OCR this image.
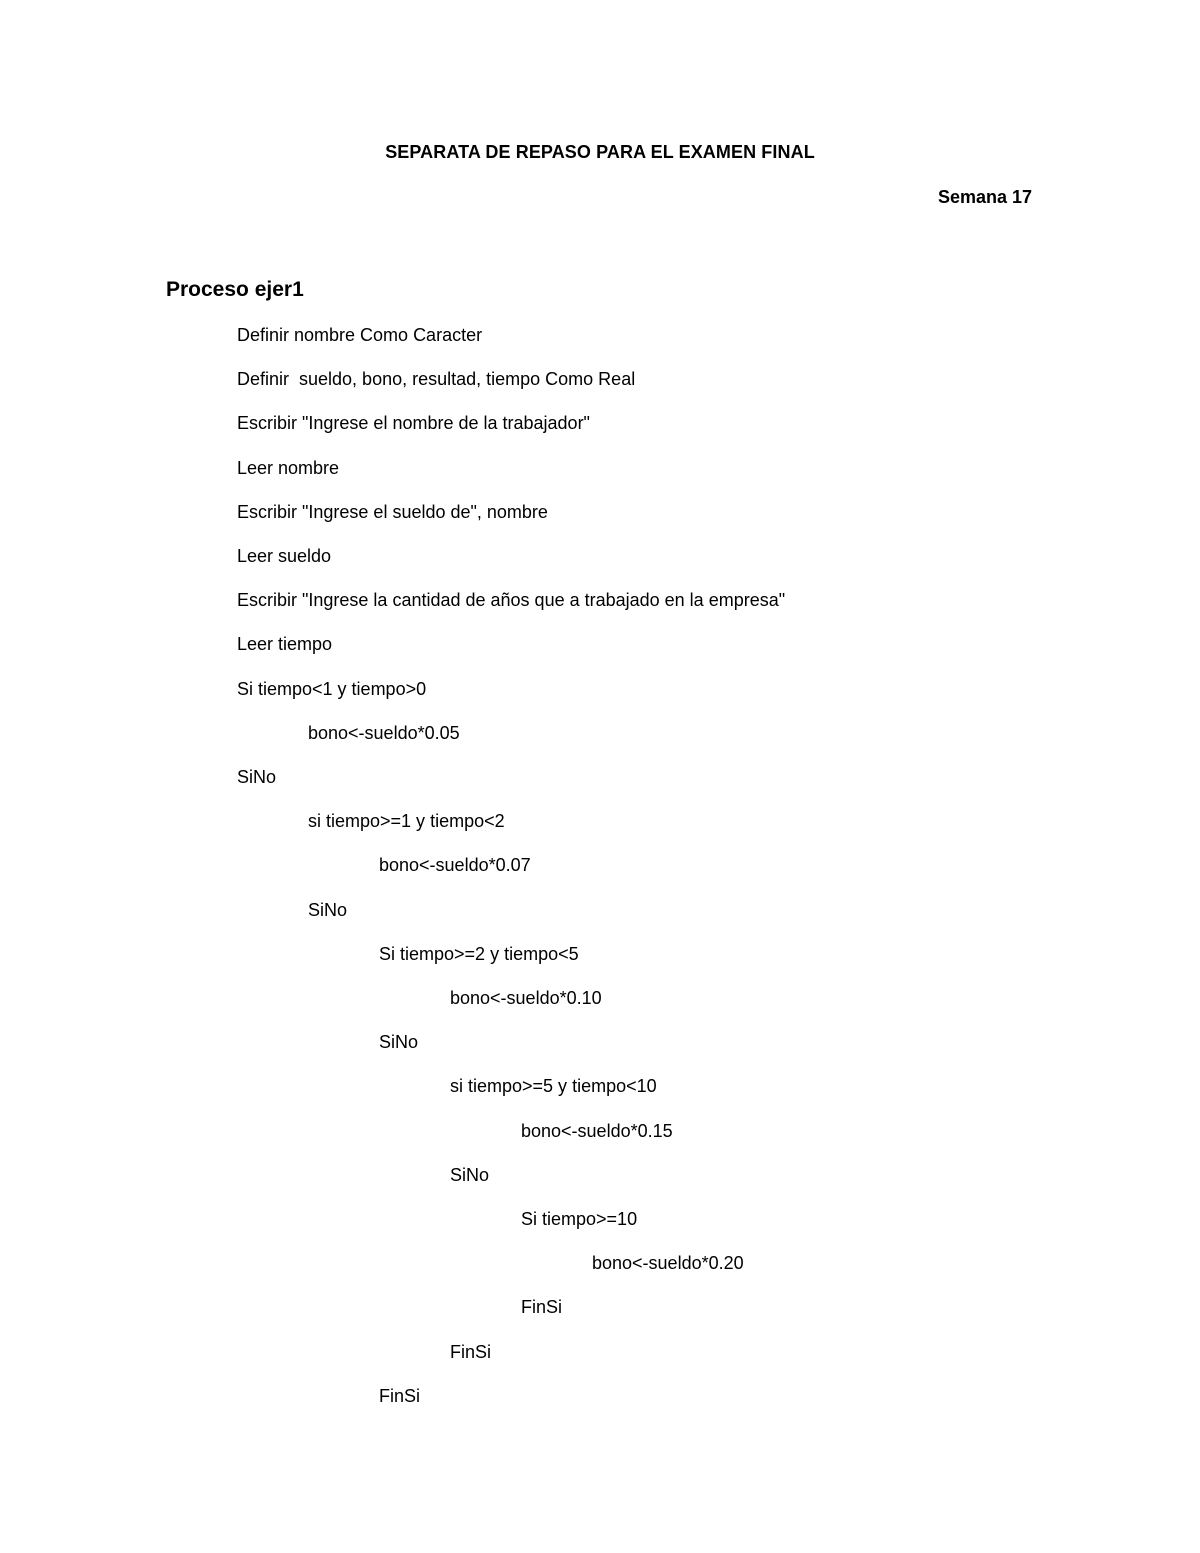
SEPARATA DE REPASO PARA EL EXAMEN FINAL
Semana 17
Proceso ejer1
Definir nombre Como Caracter
Definir  sueldo, bono, resultad, tiempo Como Real
Escribir "Ingrese el nombre de la trabajador"
Leer nombre
Escribir "Ingrese el sueldo de", nombre
Leer sueldo
Escribir "Ingrese la cantidad de años que a trabajado en la empresa"
Leer tiempo
Si tiempo<1 y tiempo>0
bono<-sueldo*0.05
SiNo
si tiempo>=1 y tiempo<2
bono<-sueldo*0.07
SiNo
Si tiempo>=2 y tiempo<5
bono<-sueldo*0.10
SiNo
si tiempo>=5 y tiempo<10
bono<-sueldo*0.15
SiNo
Si tiempo>=10
bono<-sueldo*0.20
FinSi
FinSi
FinSi
